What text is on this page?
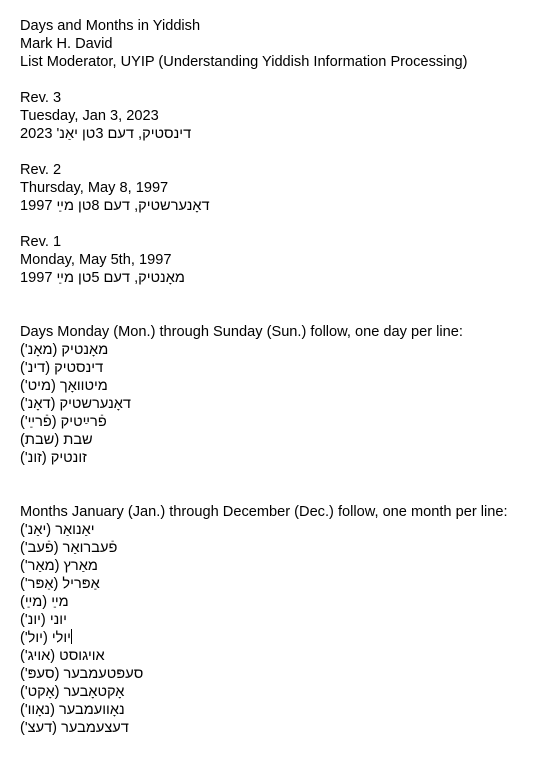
Days and Months in Yiddish
Mark H. David
List Moderator, UYIP (Understanding Yiddish Information Processing)
Rev. 3
Tuesday, Jan 3, 2023
דינסטיק, דעם 3טן יאַנ' 2023
Rev. 2
Thursday, May 8, 1997
דאָנערשטיק, דעם 8טן מײַ 1997
Rev. 1
Monday, May 5th, 1997
מאָנטיק, דעם 5טן מײַ 1997
Days Monday (Mon.) through Sunday (Sun.) follow, one day per line:
מאָנטיק (מאָנ')
דינסטיק (דינ')
מיטוואָך (מיט')
דאָנערשטיק (דאָנ')
פֿרײַטיק (פֿרײַ')
שבת (שבת)
זונטיק (זונ')
Months January (Jan.) through December (Dec.) follow, one month per line:
יאַנואַר (יאַנ')
פֿעברואַר (פֿעב')
מאַרץ (מאַר')
אַפּריל (אַפּר')
מײַ (מײַ)
יוני (יונ')
יולי (יול')
אויגוסט (אויג')
סעפּטעמבער (סעפּ')
אָקטאָבער (אָקט')
נאָוועמבער (נאָוו')
דעצעמבער (דעצ')
